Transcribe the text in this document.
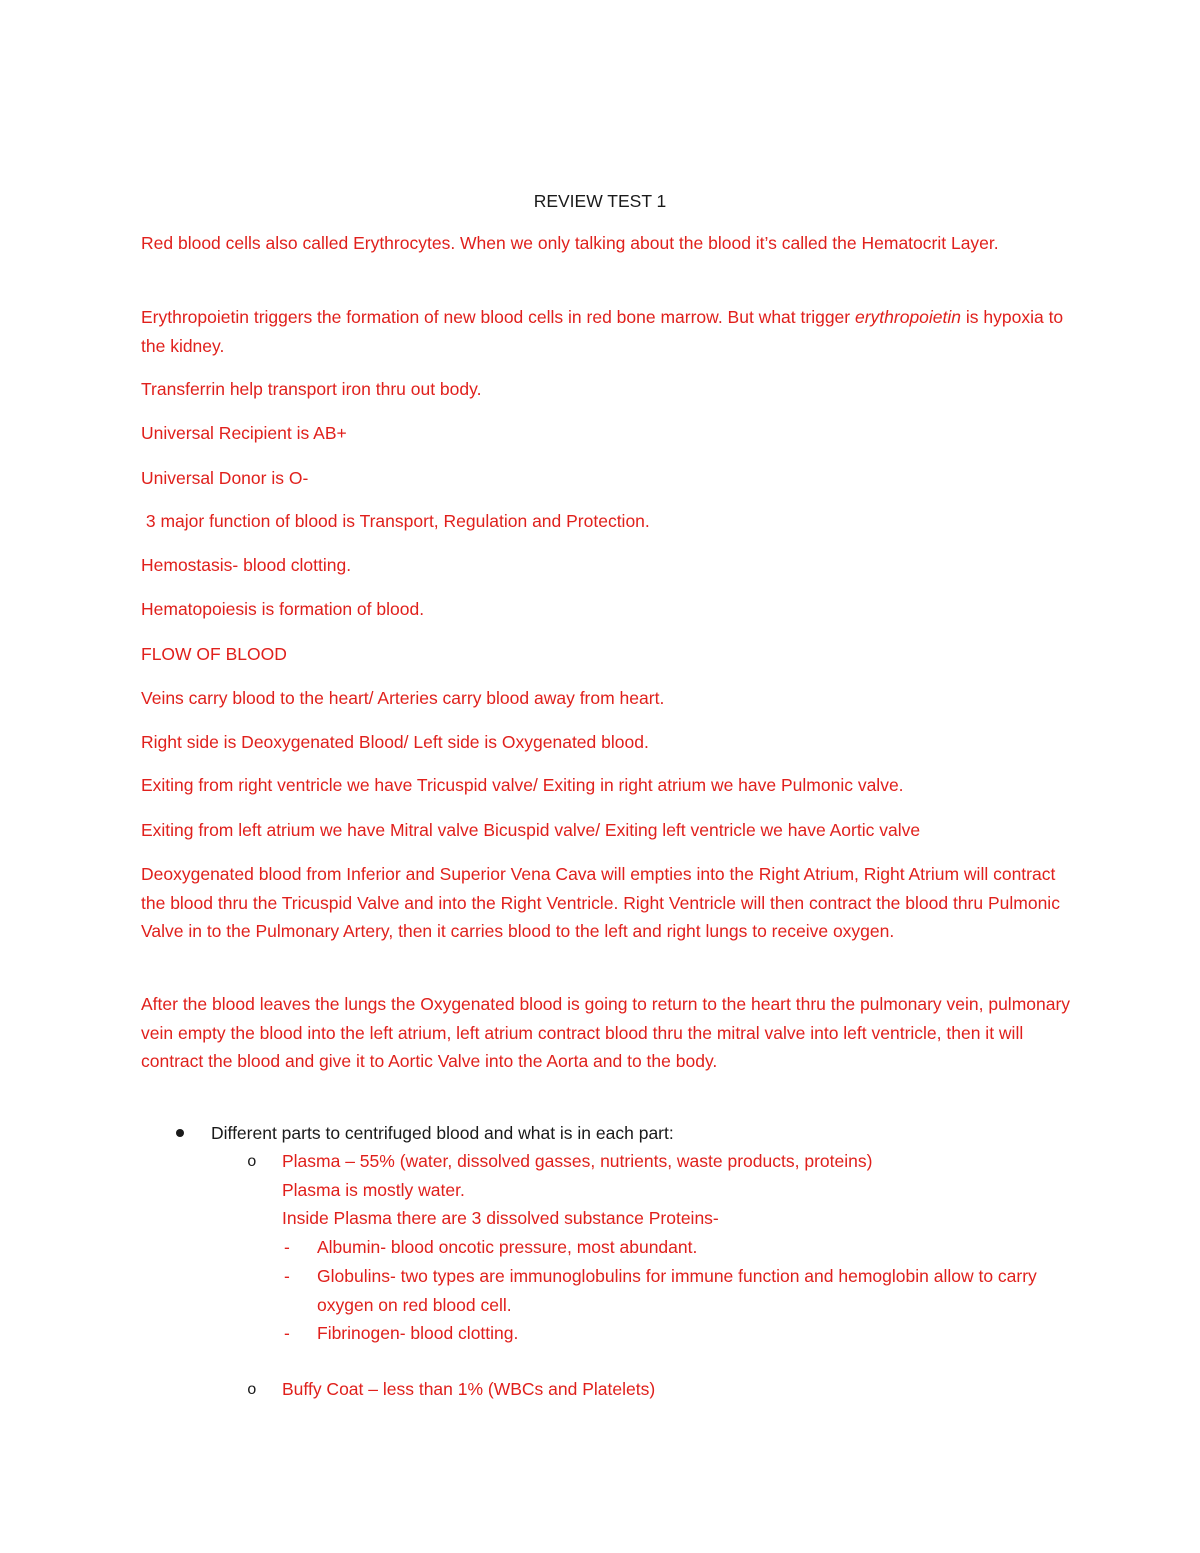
REVIEW TEST 1

Red blood cells also called Erythrocytes. When we only talking about the blood it’s called the Hematocrit Layer.

Erythropoietin triggers the formation of new blood cells in red bone marrow. But what trigger erythropoietin is hypoxia to the kidney.

Transferrin help transport iron thru out body.

Universal Recipient is AB+

Universal Donor is O-

3 major function of blood is Transport, Regulation and Protection.

Hemostasis- blood clotting.

Hematopoiesis is formation of blood.

FLOW OF BLOOD

Veins carry blood to the heart/ Arteries carry blood away from heart.

Right side is Deoxygenated Blood/ Left side is Oxygenated blood.

Exiting from right ventricle we have Tricuspid valve/ Exiting in right atrium we have Pulmonic valve.

Exiting from left atrium we have Mitral valve Bicuspid valve/ Exiting left ventricle we have Aortic valve

Deoxygenated blood from Inferior and Superior Vena Cava will empties into the Right Atrium, Right Atrium will contract the blood thru the Tricuspid Valve and into the Right Ventricle. Right Ventricle will then contract the blood thru Pulmonic Valve in to the Pulmonary Artery, then it carries blood to the left and right lungs to receive oxygen.

After the blood leaves the lungs the Oxygenated blood is going to return to the heart thru the pulmonary vein, pulmonary vein empty the blood into the left atrium, left atrium contract blood thru the mitral valve into left ventricle, then it will contract the blood and give it to Aortic Valve into the Aorta and to the body.

Different parts to centrifuged blood and what is in each part:

o Plasma – 55% (water, dissolved gasses, nutrients, waste products, proteins)

Plasma is mostly water.

Inside Plasma there are 3 dissolved substance Proteins-

- Albumin- blood oncotic pressure, most abundant.

- Globulins- two types are immunoglobulins for immune function and hemoglobin allow to carry oxygen on red blood cell.

- Fibrinogen- blood clotting.

o Buffy Coat – less than 1% (WBCs and Platelets)
